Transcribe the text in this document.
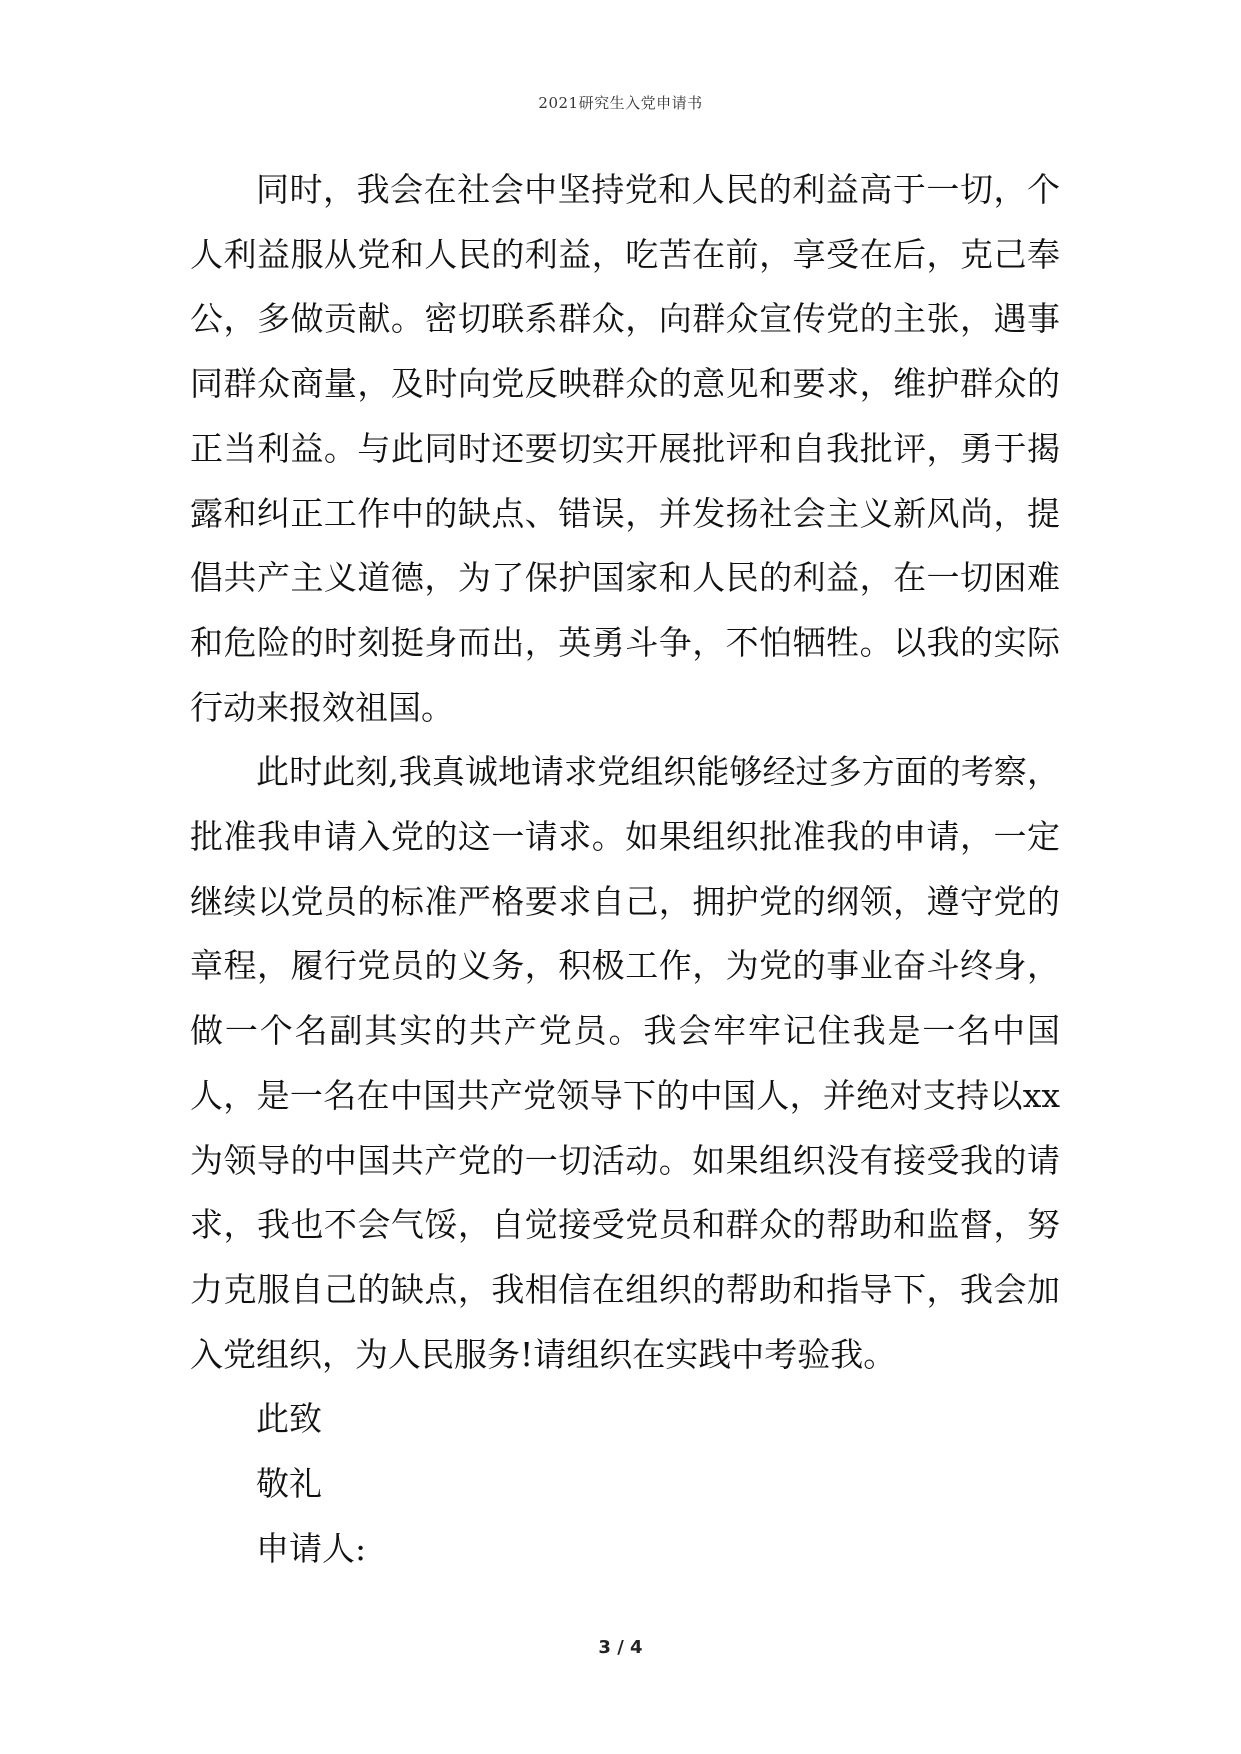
2021研究生入党申请书

同时，我会在社会中坚持党和人民的利益高于一切，个人利益服从党和人民的利益，吃苦在前，享受在后，克己奉公，多做贡献。密切联系群众，向群众宣传党的主张，遇事同群众商量，及时向党反映群众的意见和要求，维护群众的正当利益。与此同时还要切实开展批评和自我批评，勇于揭露和纠正工作中的缺点、错误，并发扬社会主义新风尚，提倡共产主义道德，为了保护国家和人民的利益，在一切困难和危险的时刻挺身而出，英勇斗争，不怕牺牲。以我的实际行动来报效祖国。

此时此刻,我真诚地请求党组织能够经过多方面的考察，批准我申请入党的这一请求。如果组织批准我的申请，一定继续以党员的标准严格要求自己，拥护党的纲领，遵守党的章程，履行党员的义务，积极工作，为党的事业奋斗终身，做一个名副其实的共产党员。我会牢牢记住我是一名中国人，是一名在中国共产党领导下的中国人，并绝对支持以xx为领导的中国共产党的一切活动。如果组织没有接受我的请求，我也不会气馁，自觉接受党员和群众的帮助和监督，努力克服自己的缺点，我相信在组织的帮助和指导下，我会加入党组织，为人民服务!请组织在实践中考验我。

此致

敬礼

申请人:

3 / 4
